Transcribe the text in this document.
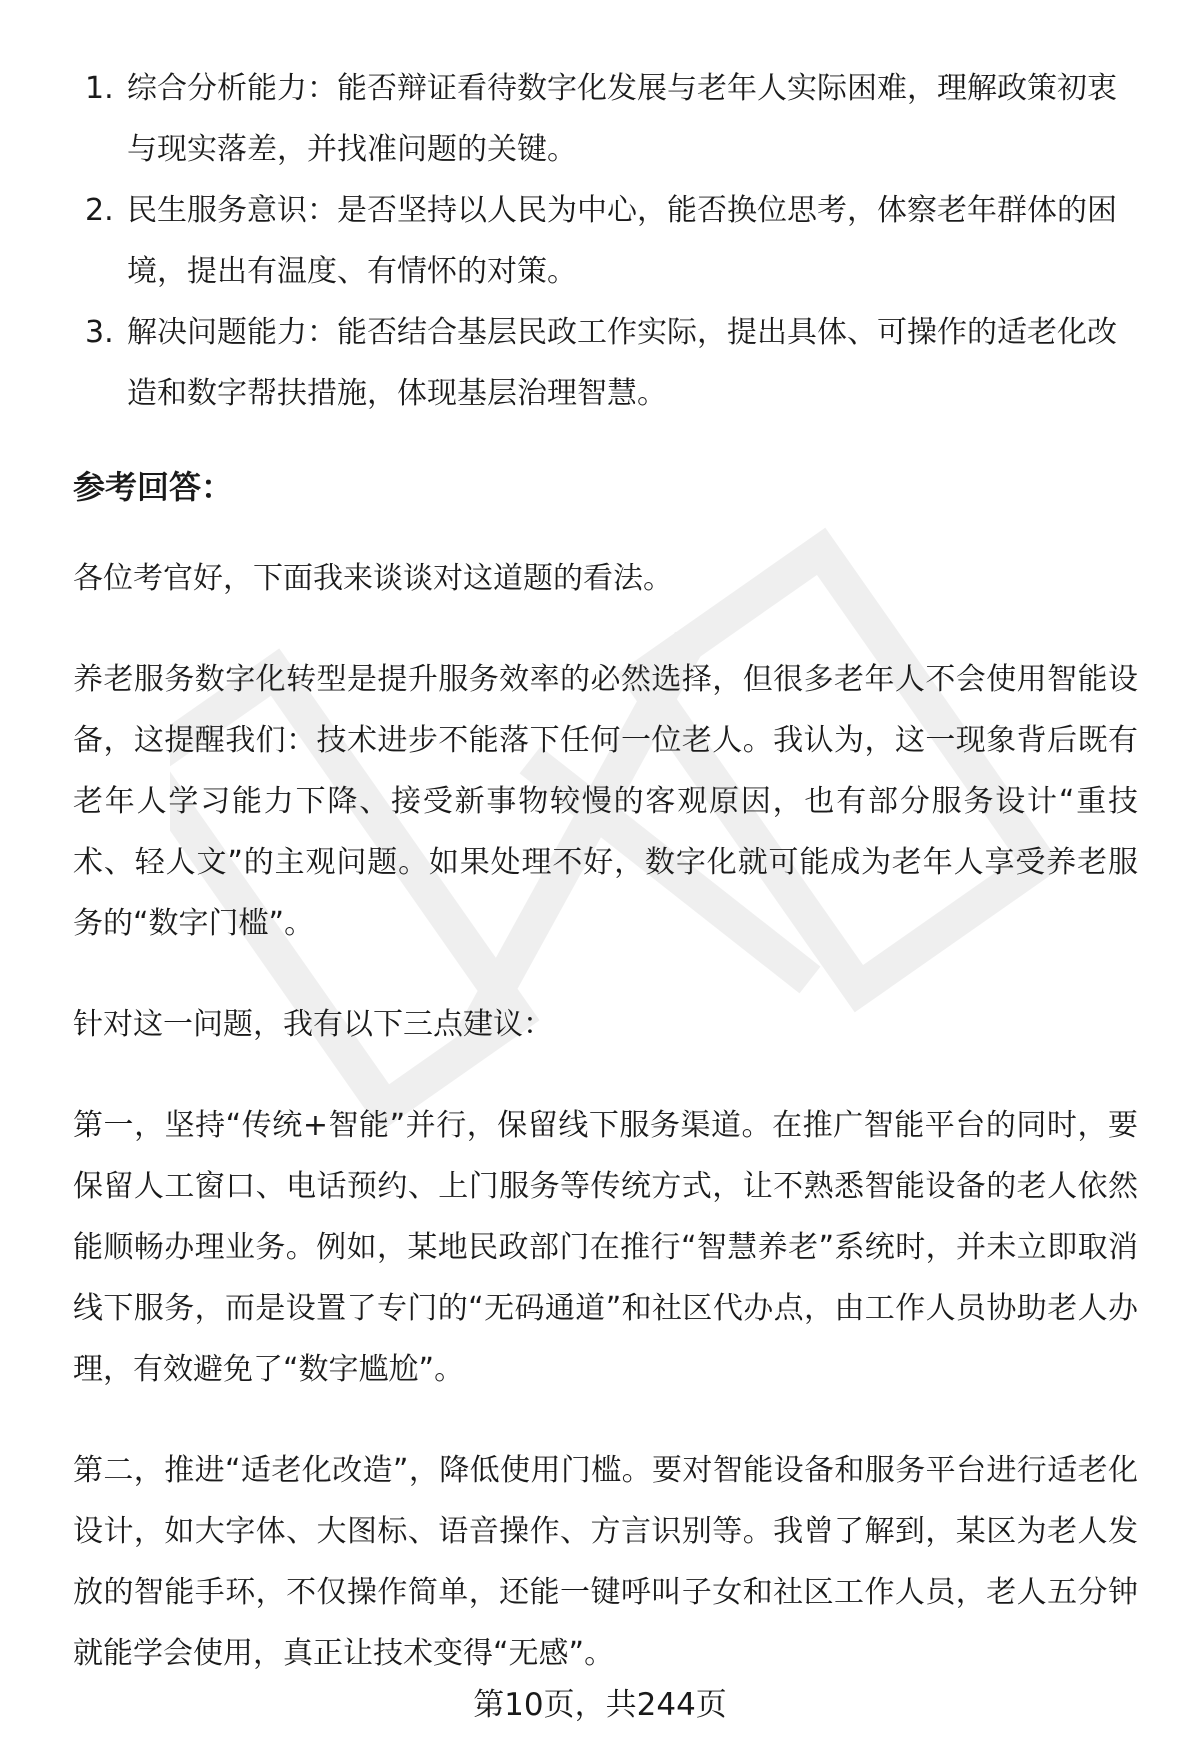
1. 综合分析能力：能否辩证看待数字化发展与老年人实际困难，理解政策初衷与现实落差，并找准问题的关键。
2. 民生服务意识：是否坚持以人民为中心，能否换位思考，体察老年群体的困境，提出有温度、有情怀的对策。
3. 解决问题能力：能否结合基层民政工作实际，提出具体、可操作的适老化改造和数字帮扶措施，体现基层治理智慧。
参考回答：

各位考官好，下面我来谈谈对这道题的看法。

养老服务数字化转型是提升服务效率的必然选择，但很多老年人不会使用智能设备，这提醒我们：技术进步不能落下任何一位老人。我认为，这一现象背后既有老年人学习能力下降、接受新事物较慢的客观原因，也有部分服务设计“重技术、轻人文”的主观问题。如果处理不好，数字化就可能成为老年人享受养老服务的“数字门槛”。

针对这一问题，我有以下三点建议：

第一，坚持“传统+智能”并行，保留线下服务渠道。在推广智能平台的同时，要保留人工窗口、电话预约、上门服务等传统方式，让不熟悉智能设备的老人依然能顺畅办理业务。例如，某地民政部门在推行“智慧养老”系统时，并未立即取消线下服务，而是设置了专门的“无码通道”和社区代办点，由工作人员协助老人办理，有效避免了“数字尴尬”。

第二，推进“适老化改造”，降低使用门槛。要对智能设备和服务平台进行适老化设计，如大字体、大图标、语音操作、方言识别等。我曾了解到，某区为老人发放的智能手环，不仅操作简单，还能一键呼叫子女和社区工作人员，老人五分钟就能学会使用，真正让技术变得“无感”。

第10页，共244页
